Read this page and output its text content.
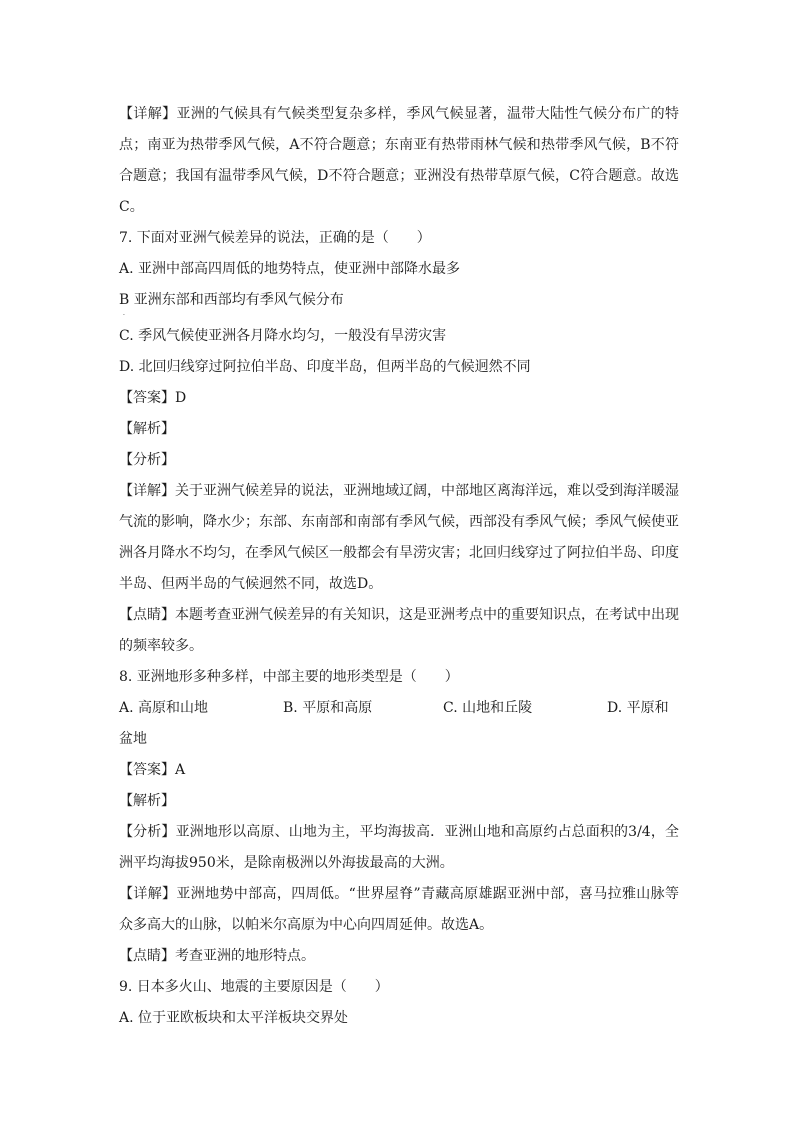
【详解】亚洲的气候具有气候类型复杂多样，季风气候显著，温带大陆性气候分布广的特点；南亚为热带季风气候，A不符合题意；东南亚有热带雨林气候和热带季风气候，B不符合题意；我国有温带季风气候，D不符合题意；亚洲没有热带草原气候，C符合题意。故选C。
7. 下面对亚洲气候差异的说法，正确的是（　　）
A. 亚洲中部高四周低的地势特点，使亚洲中部降水最多
B 亚洲东部和西部均有季风气候分布
·
C. 季风气候使亚洲各月降水均匀，一般没有旱涝灾害
D. 北回归线穿过阿拉伯半岛、印度半岛，但两半岛的气候迥然不同
【答案】D
【解析】
【分析】
【详解】关于亚洲气候差异的说法，亚洲地域辽阔，中部地区离海洋远，难以受到海洋暖湿气流的影响，降水少；东部、东南部和南部有季风气候，西部没有季风气候；季风气候使亚洲各月降水不均匀，在季风气候区一般都会有旱涝灾害；北回归线穿过了阿拉伯半岛、印度半岛、但两半岛的气候迥然不同，故选D。
【点睛】本题考查亚洲气候差异的有关知识，这是亚洲考点中的重要知识点，在考试中出现的频率较多。
8. 亚洲地形多种多样，中部主要的地形类型是（　　）
A. 高原和山地	B. 平原和高原	C. 山地和丘陵	D. 平原和
盆地
【答案】A
【解析】
【分析】亚洲地形以高原、山地为主，平均海拔高．亚洲山地和高原约占总面积的3/4，全洲平均海拔950米，是除南极洲以外海拔最高的大洲。
【详解】亚洲地势中部高，四周低。“世界屋脊”青藏高原雄踞亚洲中部，喜马拉雅山脉等众多高大的山脉，以帕米尔高原为中心向四周延伸。故选A。
【点睛】考查亚洲的地形特点。
9. 日本多火山、地震的主要原因是（　　）
A. 位于亚欧板块和太平洋板块交界处
